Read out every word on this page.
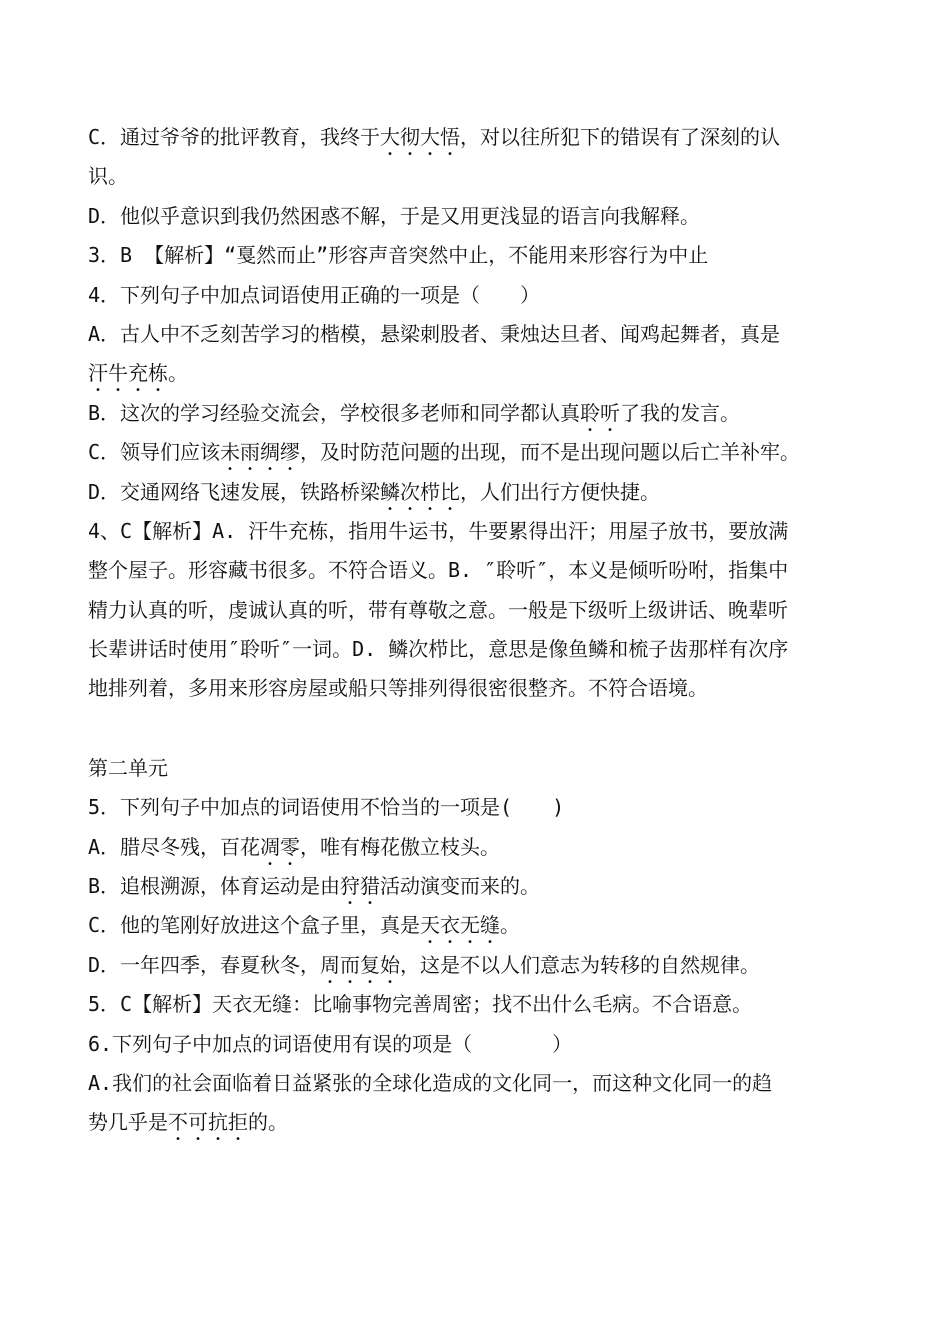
C．通过爷爷的批评教育，我终于大彻大悟，对以往所犯下的错误有了深刻的认
识。
D．他似乎意识到我仍然困惑不解，于是又用更浅显的语言向我解释。
3．B 【解析】“戛然而止”形容声音突然中止，不能用来形容行为中止
4．下列句子中加点词语使用正确的一项是（　　）
A．古人中不乏刻苦学习的楷模，悬梁刺股者、秉烛达旦者、闻鸡起舞者，真是
汗牛充栋。
B．这次的学习经验交流会，学校很多老师和同学都认真聆听了我的发言。
C．领导们应该未雨绸缪，及时防范问题的出现，而不是出现问题以后亡羊补牢。
D．交通网络飞速发展，铁路桥梁鳞次栉比，人们出行方便快捷。
4、C【解析】A. 汗牛充栋，指用牛运书，牛要累得出汗；用屋子放书，要放满
整个屋子。形容藏书很多。不符合语义。B. ″聆听″，本义是倾听吩咐，指集中
精力认真的听，虔诚认真的听，带有尊敬之意。一般是下级听上级讲话、晚辈听
长辈讲话时使用″聆听″一词。D. 鳞次栉比，意思是像鱼鳞和梳子齿那样有次序
地排列着，多用来形容房屋或船只等排列得很密很整齐。不符合语境。
第二单元
5．下列句子中加点的词语使用不恰当的一项是(　　)
A．腊尽冬残，百花凋零，唯有梅花傲立枝头。
B．追根溯源，体育运动是由狩猎活动演变而来的。
C．他的笔刚好放进这个盒子里，真是天衣无缝。
D．一年四季，春夏秋冬，周而复始，这是不以人们意志为转移的自然规律。
5．C【解析】天衣无缝：比喻事物完善周密；找不出什么毛病。不合语意。
6.下列句子中加点的词语使用有误的项是（　　　　）
A.我们的社会面临着日益紧张的全球化造成的文化同一，而这种文化同一的趋
势几乎是不可抗拒的。
